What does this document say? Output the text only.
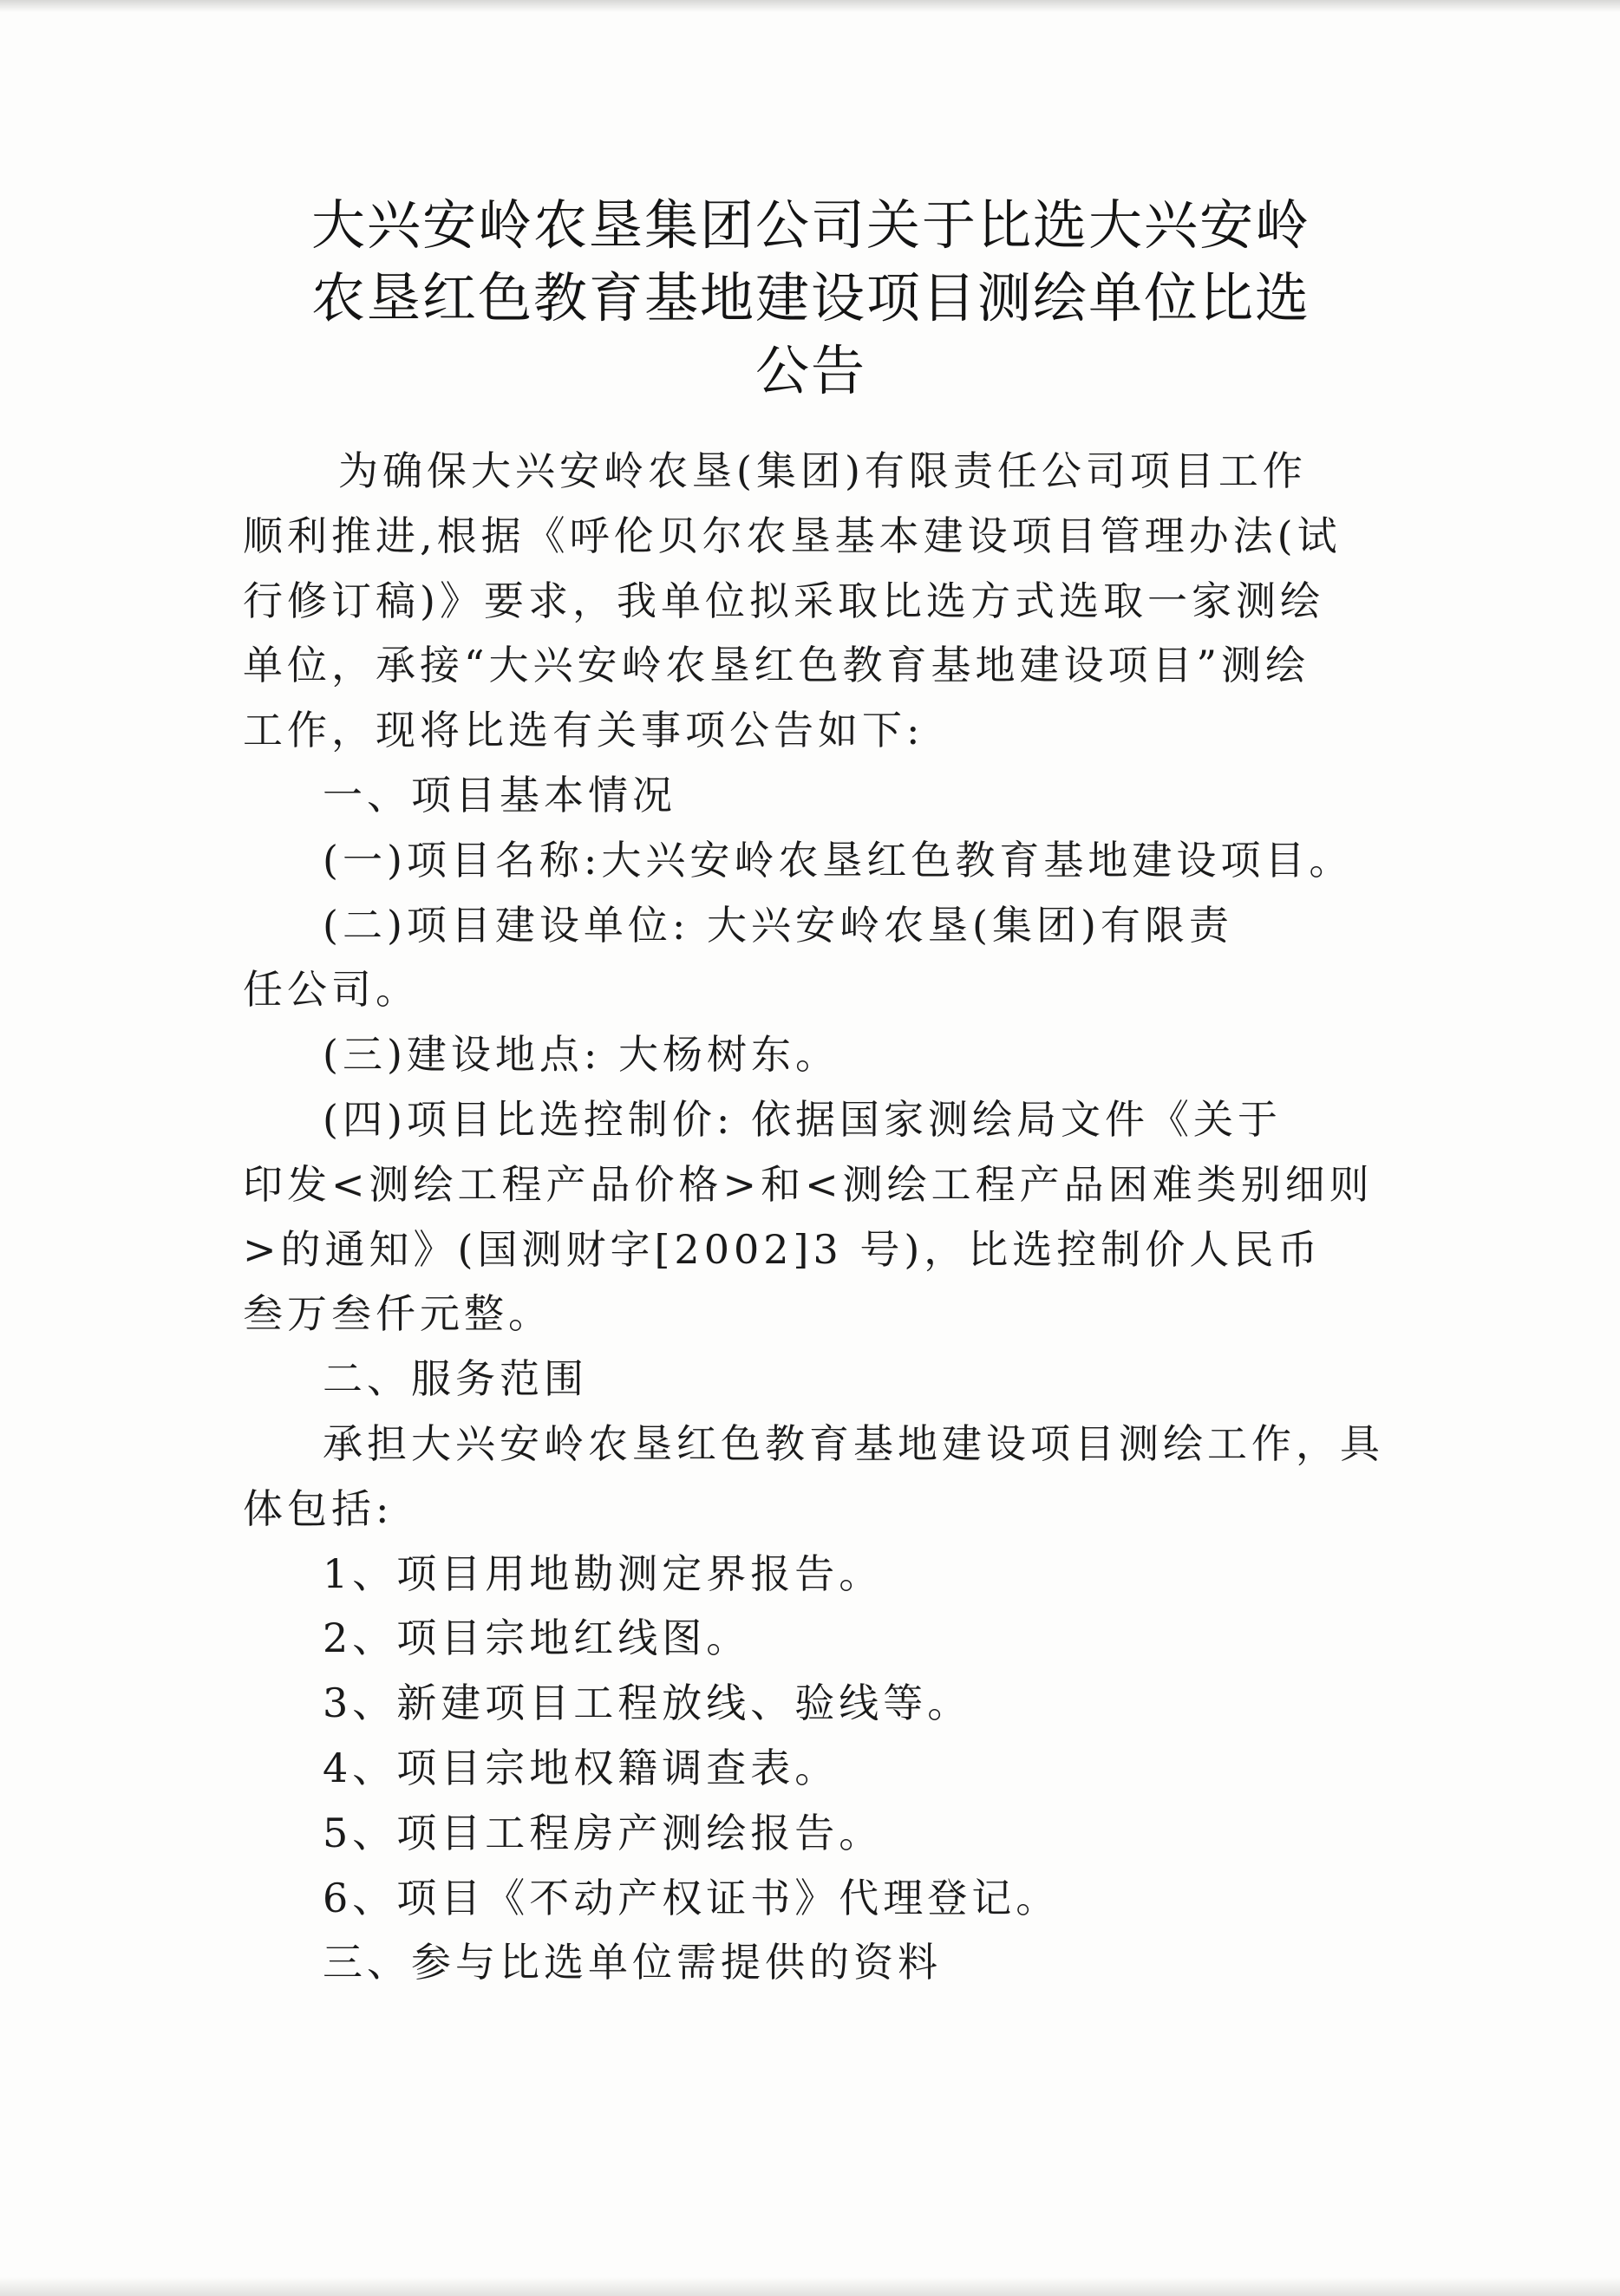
大兴安岭农垦集团公司关于比选大兴安岭
农垦红色教育基地建设项目测绘单位比选
公告

为确保大兴安岭农垦(集团)有限责任公司项目工作

顺利推进,根据《呼伦贝尔农垦基本建设项目管理办法(试

行修订稿)》要求，我单位拟采取比选方式选取一家测绘

单位，承接“大兴安岭农垦红色教育基地建设项目”测绘

工作，现将比选有关事项公告如下:

一、项目基本情况

(一)项目名称:大兴安岭农垦红色教育基地建设项目。

(二)项目建设单位: 大兴安岭农垦(集团)有限责

任公司。

(三)建设地点: 大杨树东。

(四)项目比选控制价: 依据国家测绘局文件《关于

印发<测绘工程产品价格>和<测绘工程产品困难类别细则

>的通知》(国测财字[2002]3 号)，比选控制价人民币

叁万叁仟元整。

二、服务范围

承担大兴安岭农垦红色教育基地建设项目测绘工作，具

体包括:

1、项目用地勘测定界报告。

2、项目宗地红线图。

3、新建项目工程放线、验线等。

4、项目宗地权籍调查表。

5、项目工程房产测绘报告。

6、项目《不动产权证书》代理登记。

三、参与比选单位需提供的资料
